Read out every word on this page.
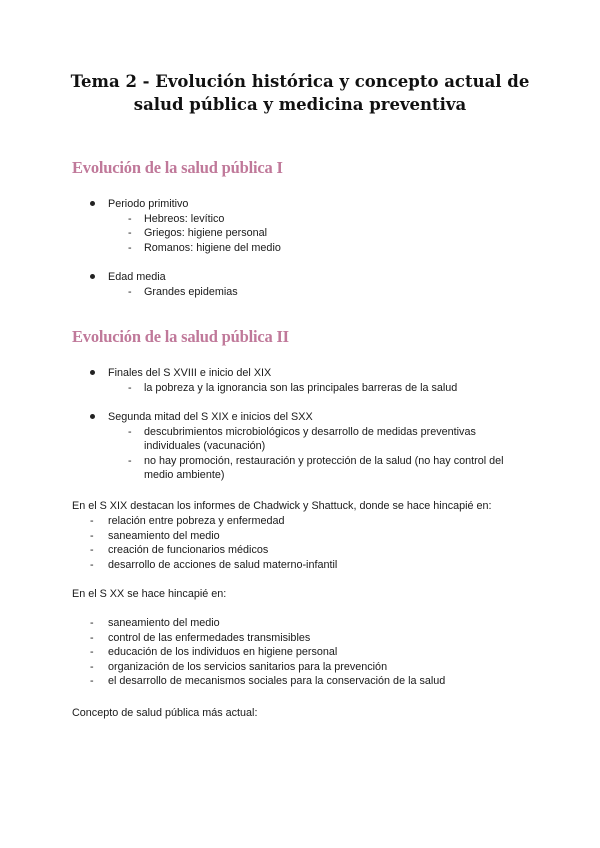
Tema 2 - Evolución histórica y concepto actual de salud pública y medicina preventiva
Evolución de la salud pública I
Periodo primitivo
- Hebreos: levítico
- Griegos: higiene personal
- Romanos: higiene del medio
Edad media
- Grandes epidemias
Evolución de la salud pública II
Finales del S XVIII e inicio del XIX
- la pobreza y la ignorancia son las principales barreras de la salud
Segunda mitad del S XIX e inicios del SXX
- descubrimientos microbiológicos y desarrollo de medidas preventivas individuales (vacunación)
- no hay promoción, restauración y protección de la salud (no hay control del medio ambiente)
En el S XIX destacan los informes de Chadwick y Shattuck, donde se hace hincapié en:
- relación entre pobreza y enfermedad
- saneamiento del medio
- creación de funcionarios médicos
- desarrollo de acciones de salud materno-infantil
En el S XX se hace hincapié en:
- saneamiento del medio
- control de las enfermedades transmisibles
- educación de los individuos en higiene personal
- organización de los servicios sanitarios para la prevención
- el desarrollo de mecanismos sociales para la conservación de la salud
Concepto de salud pública más actual:
